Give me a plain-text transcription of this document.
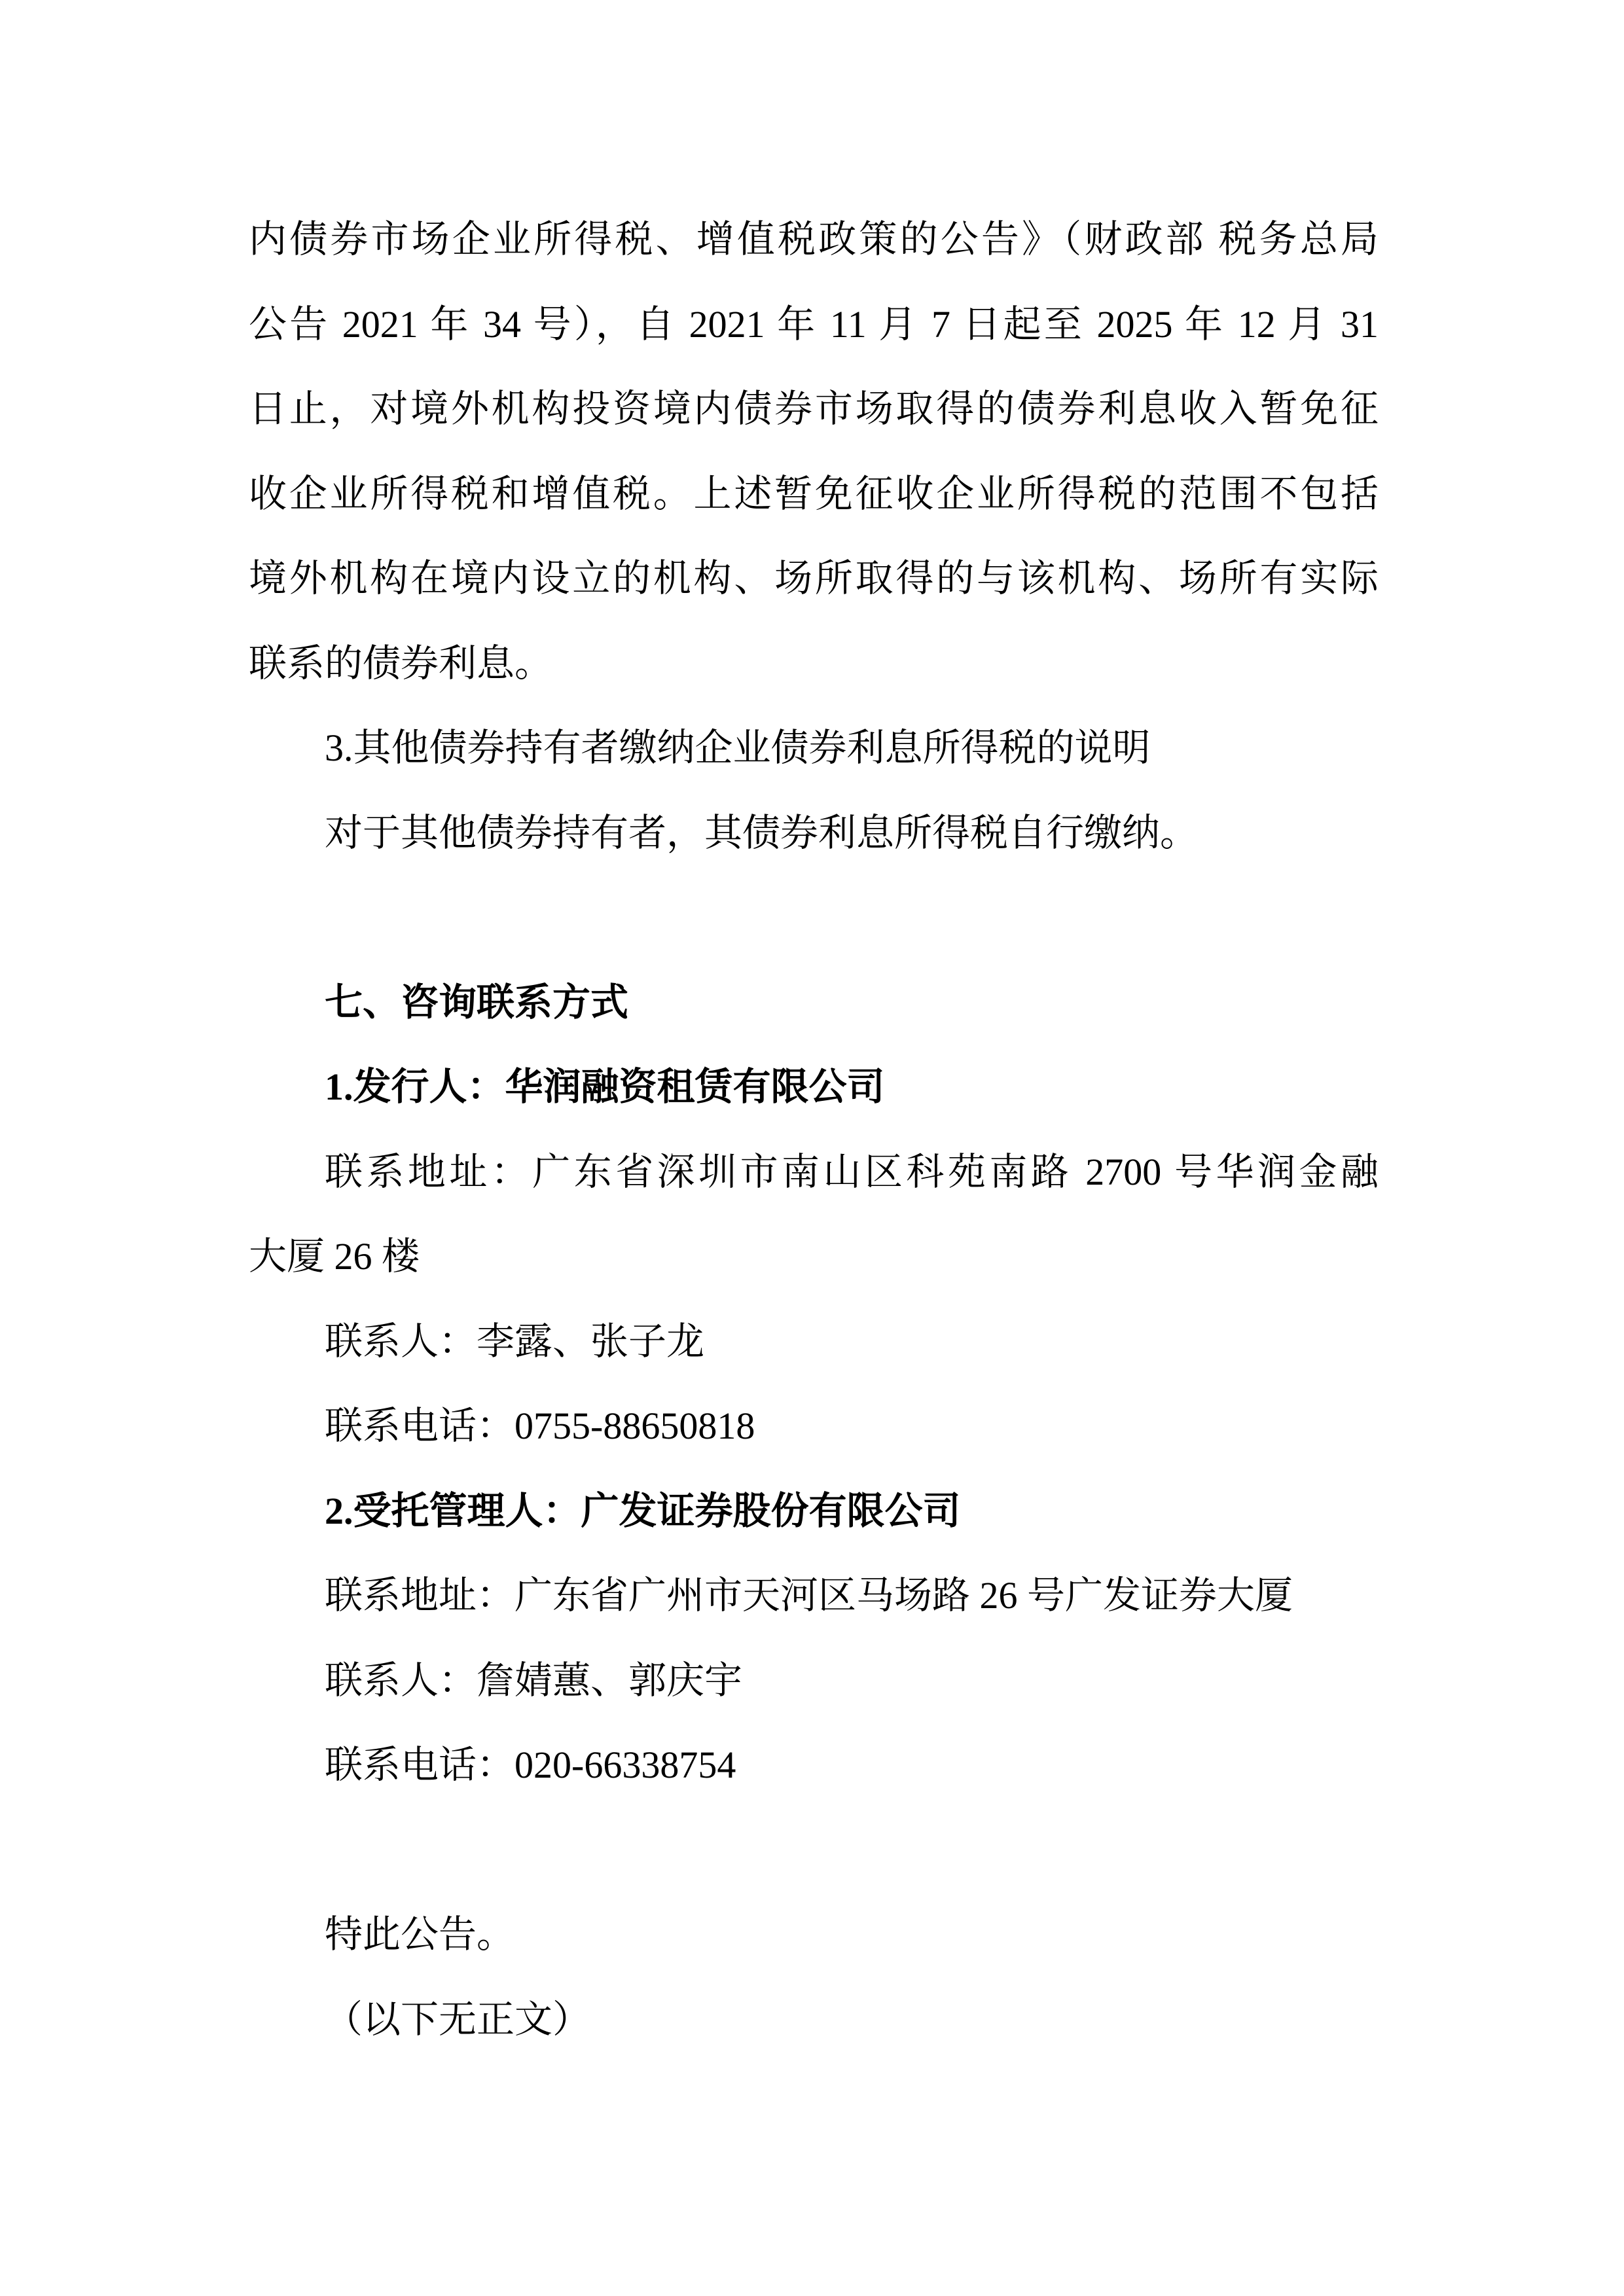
内债券市场企业所得税、增值税政策的公告》（财政部 税务总局
公告 2021 年 34 号），自 2021 年 11 月 7 日起至 2025 年 12 月 31
日止，对境外机构投资境内债券市场取得的债券利息收入暂免征
收企业所得税和增值税。上述暂免征收企业所得税的范围不包括
境外机构在境内设立的机构、场所取得的与该机构、场所有实际
联系的债券利息。
3.其他债券持有者缴纳企业债券利息所得税的说明
对于其他债券持有者，其债券利息所得税自行缴纳。

七、咨询联系方式
1.发行人：华润融资租赁有限公司
联系地址：广东省深圳市南山区科苑南路 2700 号华润金融
大厦 26 楼
联系人：李露、张子龙
联系电话：0755-88650818
2.受托管理人：广发证券股份有限公司
联系地址：广东省广州市天河区马场路 26 号广发证券大厦
联系人：詹婧蕙、郭庆宇
联系电话：020-66338754

特此公告。
（以下无正文）
